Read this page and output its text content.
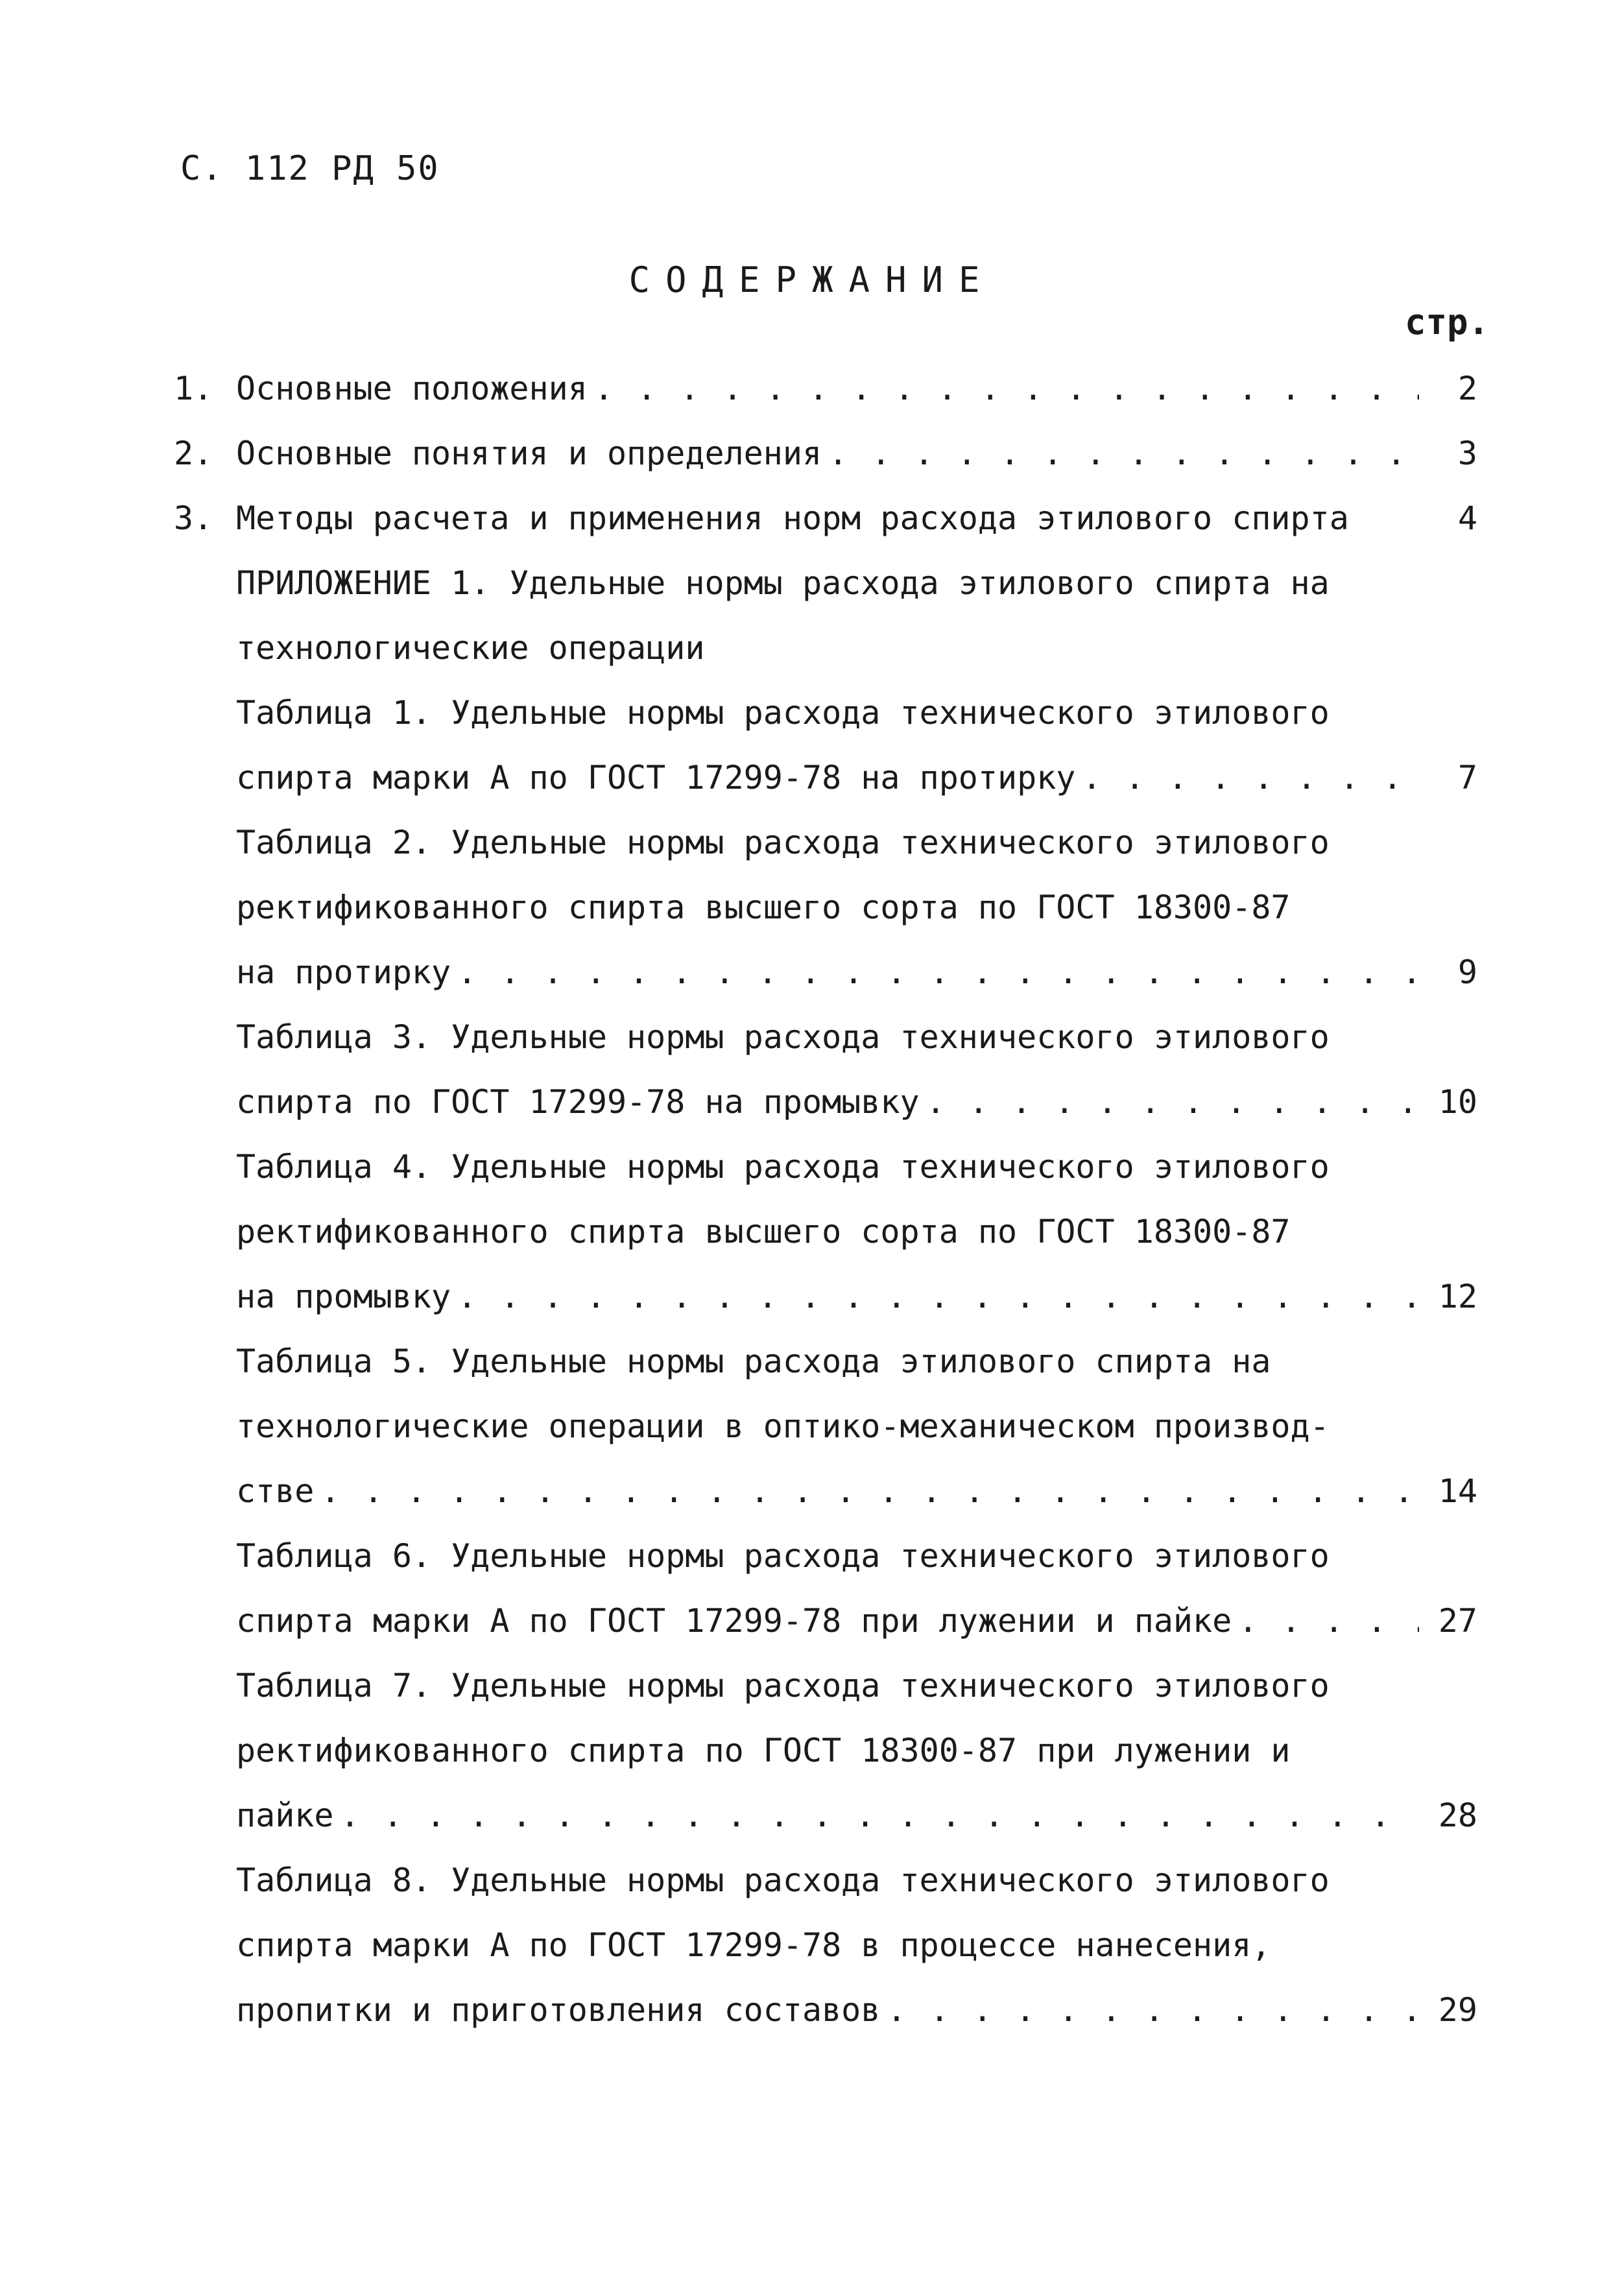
С. 112 РД 50
СОДЕРЖАНИЕ
стр.
1. Основные положения . . .	2
2. Основные понятия и определения . . .	3
3. Методы расчета и применения норм расхода этилового спирта	4
ПРИЛОЖЕНИЕ 1. Удельные нормы расхода этилового спирта на
технологические операции
Таблица 1. Удельные нормы расхода технического этилового
спирта марки А по ГОСТ 17299-78 на протирку . . .	7
Таблица 2. Удельные нормы расхода технического этилового
ректификованного спирта высшего сорта по ГОСТ 18300-87
на протирку . . .	9
Таблица 3. Удельные нормы расхода технического этилового
спирта по ГОСТ 17299-78 на промывку . . .	10
Таблица 4. Удельные нормы расхода технического этилового
ректификованного спирта высшего сорта по ГОСТ 18300-87
на промывку . . .	12
Таблица 5. Удельные нормы расхода этилового спирта на
технологические операции в оптико-механическом производ-
стве . . .	14
Таблица 6. Удельные нормы расхода технического этилового
спирта марки А по ГОСТ 17299-78 при лужении и пайке . . .	27
Таблица 7. Удельные нормы расхода технического этилового
ректификованного спирта по ГОСТ 18300-87 при лужении и
пайке . . .	28
Таблица 8. Удельные нормы расхода технического этилового
спирта марки А по ГОСТ 17299-78 в процессе нанесения,
пропитки и приготовления составов . . .	29
